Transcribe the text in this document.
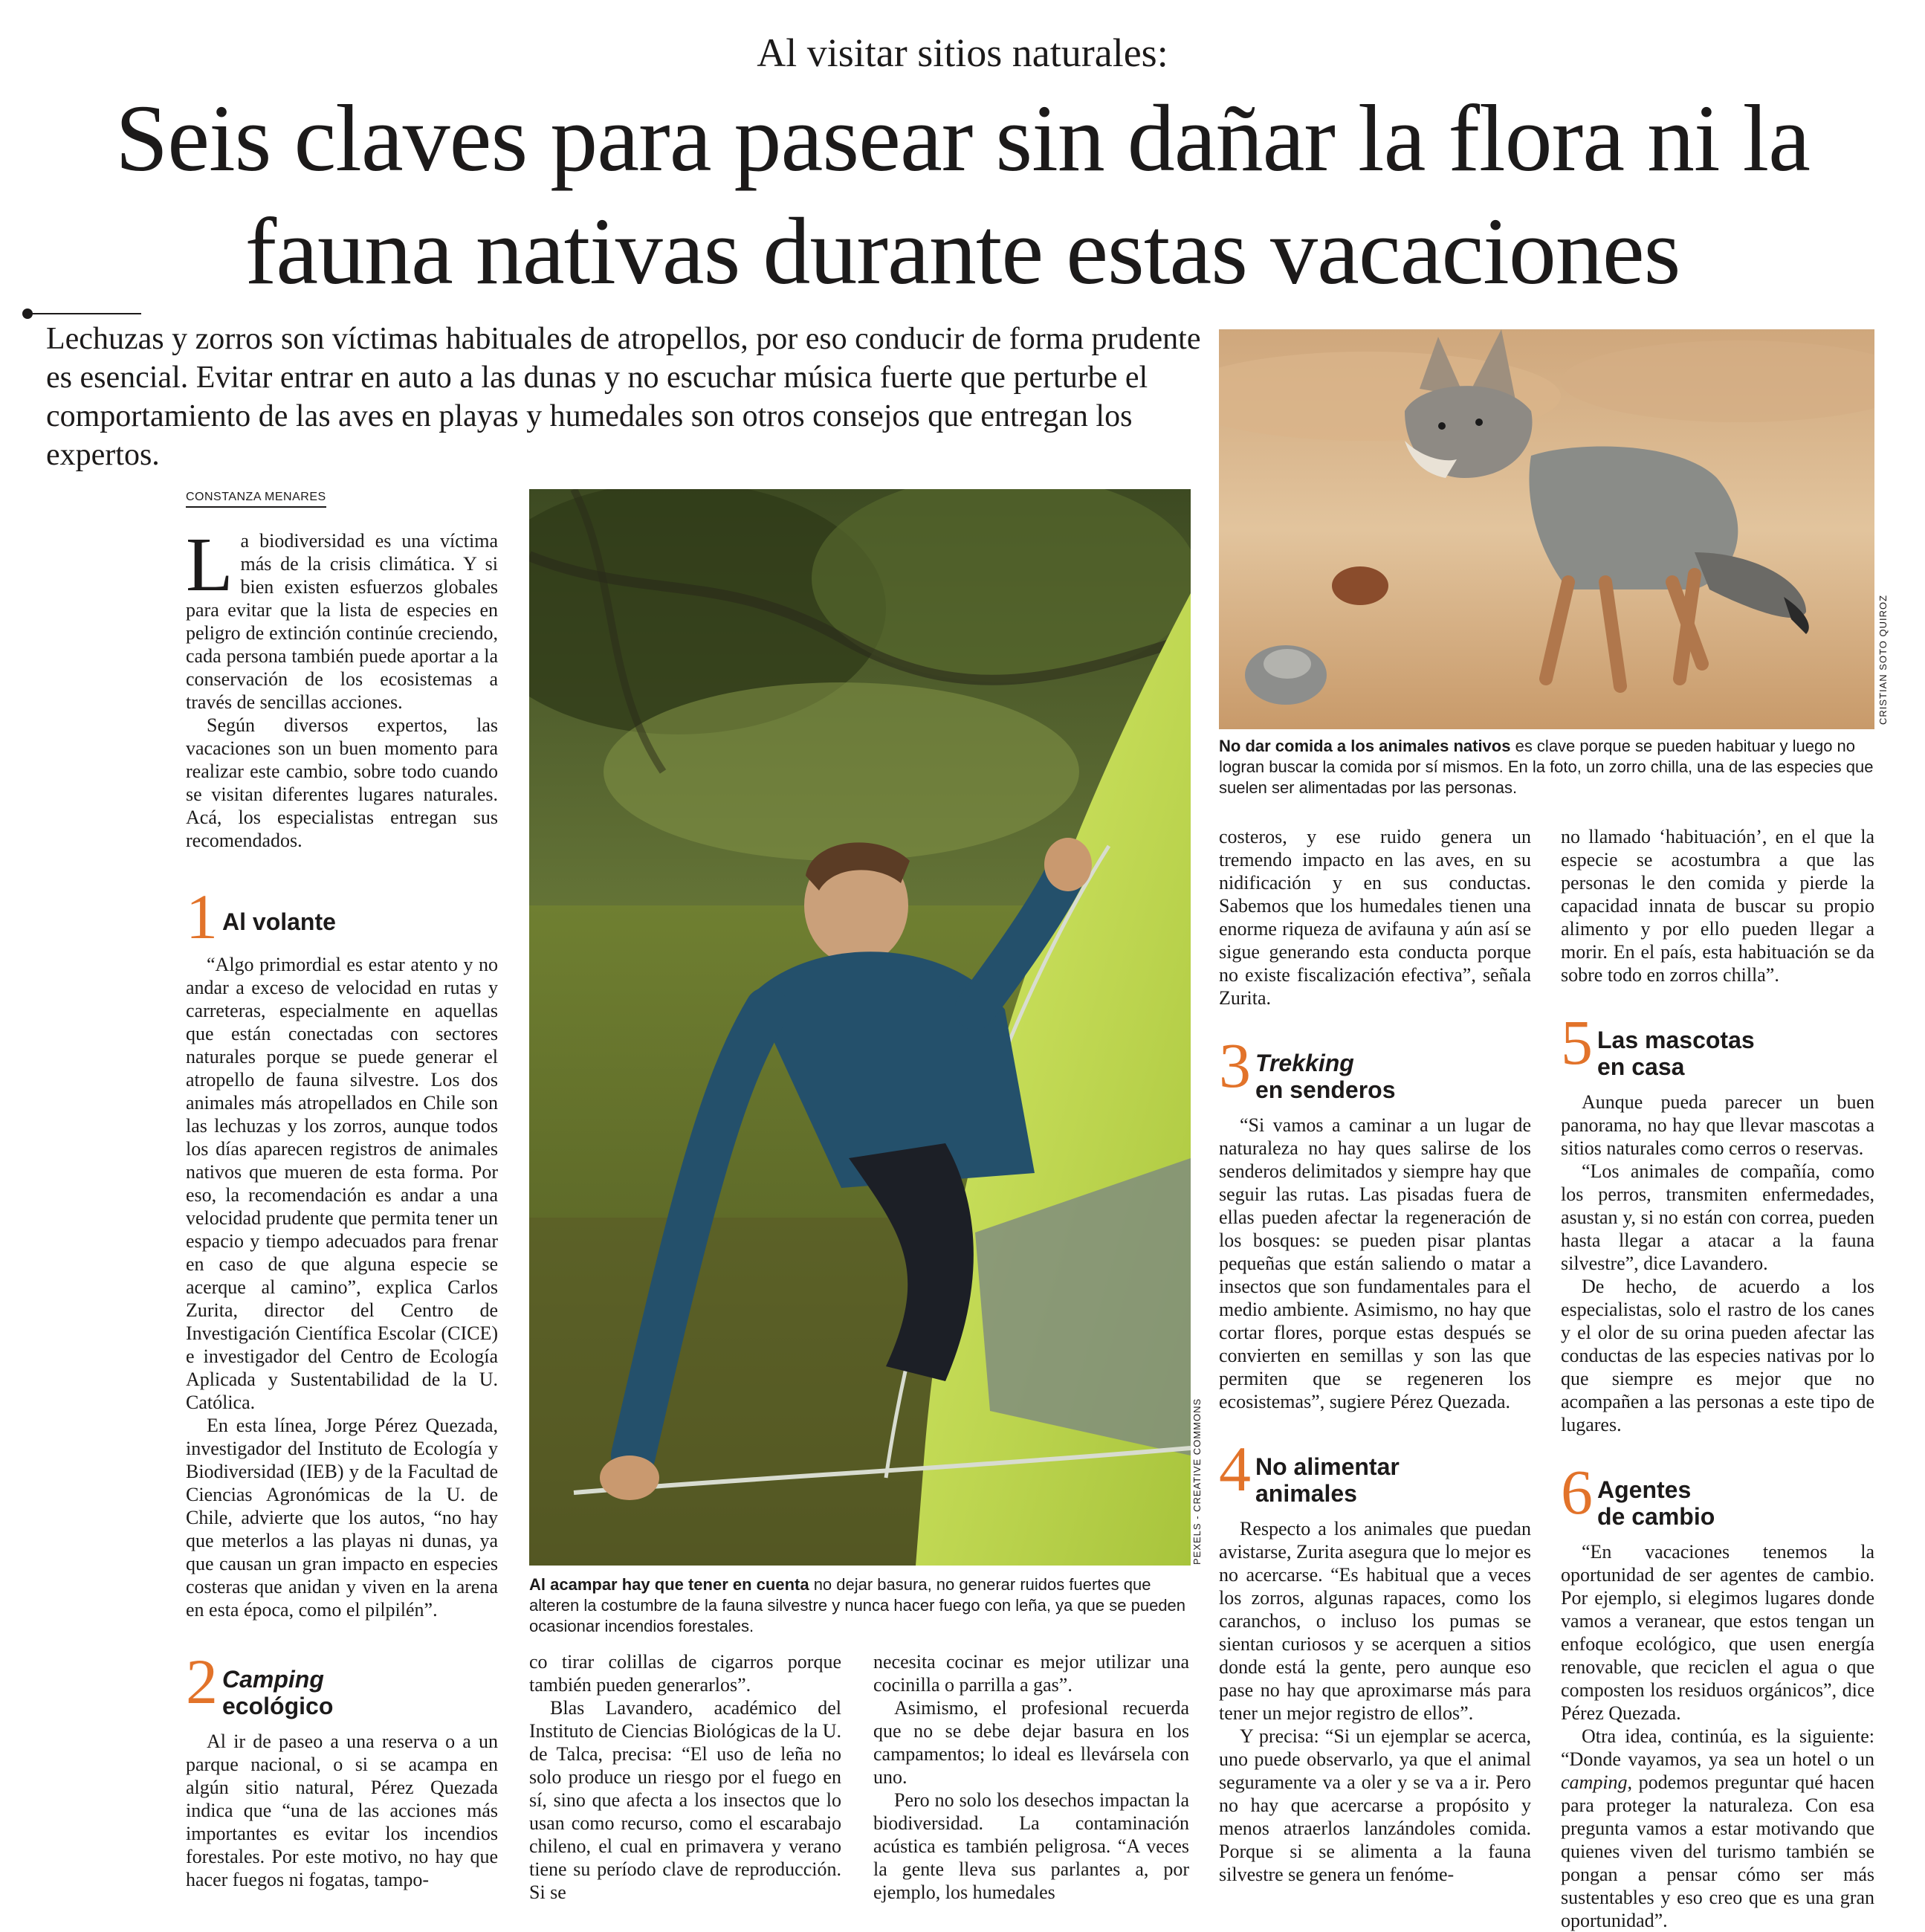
Al visitar sitios naturales:
Seis claves para pasear sin dañar la flora ni la fauna nativas durante estas vacaciones
Lechuzas y zorros son víctimas habituales de atropellos, por eso conducir de forma prudente es esencial. Evitar entrar en auto a las dunas y no escuchar música fuerte que perturbe el comportamiento de las aves en playas y humedales son otros consejos que entregan los expertos.
CONSTANZA MENARES

La biodiversidad es una víctima más de la crisis climática. Y si bien existen esfuerzos globales para evitar que la lista de especies en peligro de extinción continúe creciendo, cada persona también puede aportar a la conservación de los ecosistemas a través de sencillas acciones.

Según diversos expertos, las vacaciones son un buen momento para realizar este cambio, sobre todo cuando se visitan diferentes lugares naturales. Acá, los especialistas entregan sus recomendados.

1 Al volante

“Algo primordial es estar atento y no andar a exceso de velocidad en rutas y carreteras, especialmente en aquellas que están conectadas con sectores naturales porque se puede generar el atropello de fauna silvestre. Los dos animales más atropellados en Chile son las lechuzas y los zorros, aunque todos los días aparecen registros de animales nativos que mueren de esta forma. Por eso, la recomendación es andar a una velocidad prudente que permita tener un espacio y tiempo adecuados para frenar en caso de que alguna especie se acerque al camino”, explica Carlos Zurita, director del Centro de Investigación Científica Escolar (CICE) e investigador del Centro de Ecología Aplicada y Sustentabilidad de la U. Católica.

En esta línea, Jorge Pérez Quezada, investigador del Instituto de Ecología y Biodiversidad (IEB) y de la Facultad de Ciencias Agronómicas de la U. de Chile, advierte que los autos, “no hay que meterlos a las playas ni dunas, ya que causan un gran impacto en especies costeras que anidan y viven en la arena en esta época, como el pilpilén”.

2 Camping
ecológico

Al ir de paseo a una reserva o a un parque nacional, o si se acampa en algún sitio natural, Pérez Quezada indica que “una de las acciones más importantes es evitar los incendios forestales. Por este motivo, no hay que hacer fuegos ni fogatas, tampo-

PEXELS - CREATIVE COMMONS
Al acampar hay que tener en cuenta no dejar basura, no generar ruidos fuertes que alteren la costumbre de la fauna silvestre y nunca hacer fuego con leña, ya que se pueden ocasionar incendios forestales.

co tirar colillas de cigarros porque también pueden generarlos”.

Blas Lavandero, académico del Instituto de Ciencias Biológicas de la U. de Talca, precisa: “El uso de leña no solo produce un riesgo por el fuego en sí, sino que afecta a los insectos que lo usan como recurso, como el escarabajo chileno, el cual en primavera y verano tiene su período clave de reproducción. Si se

necesita cocinar es mejor utilizar una cocinilla o parrilla a gas”.

Asimismo, el profesional recuerda que no se debe dejar basura en los campamentos; lo ideal es llevársela con uno.

Pero no solo los desechos impactan la biodiversidad. La contaminación acústica es también peligrosa. “A veces la gente lleva sus parlantes a, por ejemplo, los humedales

CRISTIAN SOTO QUIROZ
No dar comida a los animales nativos es clave porque se pueden habituar y luego no logran buscar la comida por sí mismos. En la foto, un zorro chilla, una de las especies que suelen ser alimentadas por las personas.

costeros, y ese ruido genera un tremendo impacto en las aves, en su nidificación y en sus conductas. Sabemos que los humedales tienen una enorme riqueza de avifauna y aún así se sigue generando esta conducta porque no existe fiscalización efectiva”, señala Zurita.

3 Trekking
en senderos

“Si vamos a caminar a un lugar de naturaleza no hay ques salirse de los senderos delimitados y siempre hay que seguir las rutas. Las pisadas fuera de ellas pueden afectar la regeneración de los bosques: se pueden pisar plantas pequeñas que están saliendo o matar a insectos que son fundamentales para el medio ambiente. Asimismo, no hay que cortar flores, porque estas después se convierten en semillas y son las que permiten que se regeneren los ecosistemas”, sugiere Pérez Quezada.

4 No alimentar
animales

Respecto a los animales que puedan avistarse, Zurita asegura que lo mejor es no acercarse. “Es habitual que a veces los zorros, algunas rapaces, como los caranchos, o incluso los pumas se sientan curiosos y se acerquen a sitios donde está la gente, pero aunque eso pase no hay que aproximarse más para tener un mejor registro de ellos”.

Y precisa: “Si un ejemplar se acerca, uno puede observarlo, ya que el animal seguramente va a oler y se va a ir. Pero no hay que acercarse a propósito y menos atraerlos lanzándoles comida. Porque si se alimenta a la fauna silvestre se genera un fenóme-

no llamado ‘habituación’, en el que la especie se acostumbra a que las personas le den comida y pierde la capacidad innata de buscar su propio alimento y por ello pueden llegar a morir. En el país, esta habituación se da sobre todo en zorros chilla”.

5 Las mascotas
en casa

Aunque pueda parecer un buen panorama, no hay que llevar mascotas a sitios naturales como cerros o reservas.

“Los animales de compañía, como los perros, transmiten enfermedades, asustan y, si no están con correa, pueden hasta llegar a atacar a la fauna silvestre”, dice Lavandero.

De hecho, de acuerdo a los especialistas, solo el rastro de los canes y el olor de su orina pueden afectar las conductas de las especies nativas por lo que siempre es mejor que no acompañen a las personas a este tipo de lugares.

6 Agentes
de cambio

“En vacaciones tenemos la oportunidad de ser agentes de cambio. Por ejemplo, si elegimos lugares donde vamos a veranear, que estos tengan un enfoque ecológico, que usen energía renovable, que reciclen el agua o que composten los residuos orgánicos”, dice Pérez Quezada.

Otra idea, continúa, es la siguiente: “Donde vayamos, ya sea un hotel o un camping, podemos preguntar qué hacen para proteger la naturaleza. Con esa pregunta vamos a estar motivando que quienes viven del turismo también se pongan a pensar cómo ser más sustentables y eso creo que es una gran oportunidad”.
